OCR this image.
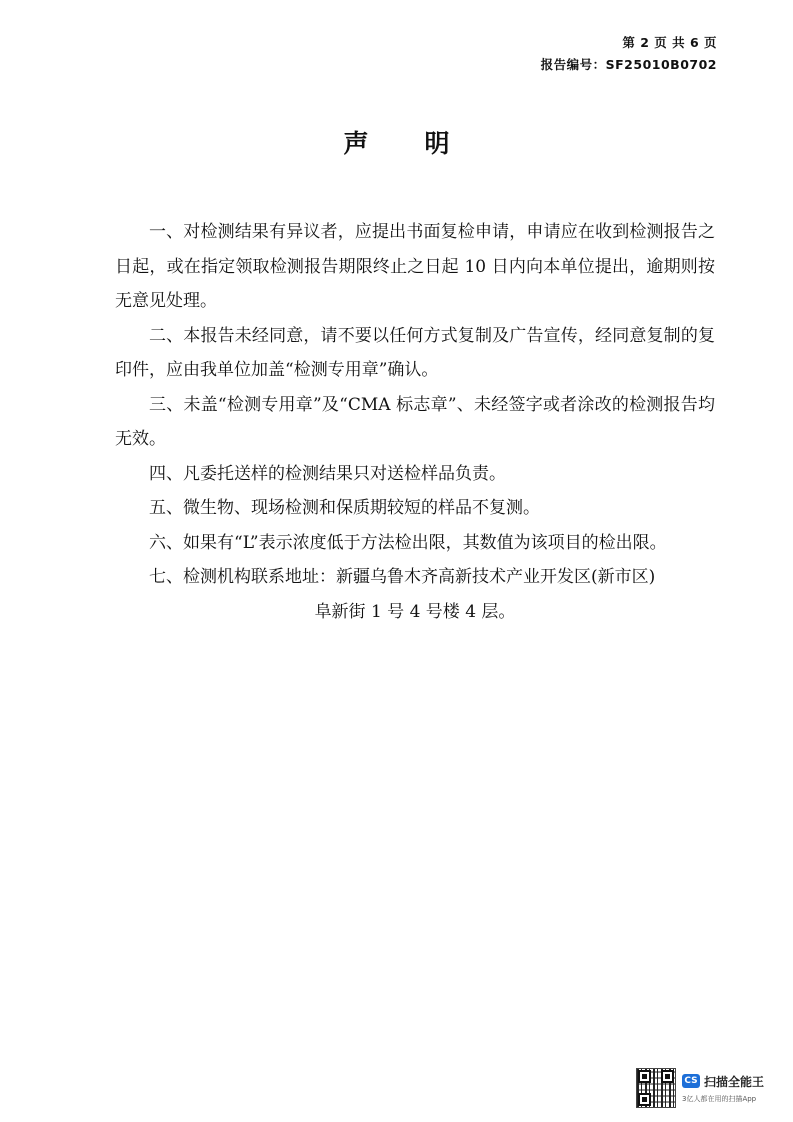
第 2 页 共 6 页
报告编号：SF25010B0702
声明

一、对检测结果有异议者，应提出书面复检申请，申请应在收到检测报告之日起，或在指定领取检测报告期限终止之日起 10 日内向本单位提出，逾期则按无意见处理。

二、本报告未经同意，请不要以任何方式复制及广告宣传，经同意复制的复印件，应由我单位加盖“检测专用章”确认。

三、未盖“检测专用章”及“CMA 标志章”、未经签字或者涂改的检测报告均无效。

四、凡委托送样的检测结果只对送检样品负责。

五、微生物、现场检测和保质期较短的样品不复测。

六、如果有“L”表示浓度低于方法检出限，其数值为该项目的检出限。

七、检测机构联系地址：新疆乌鲁木齐高新技术产业开发区(新市区)

阜新街 1 号 4 号楼 4 层。

CS 扫描全能王
3亿人都在用的扫描App
